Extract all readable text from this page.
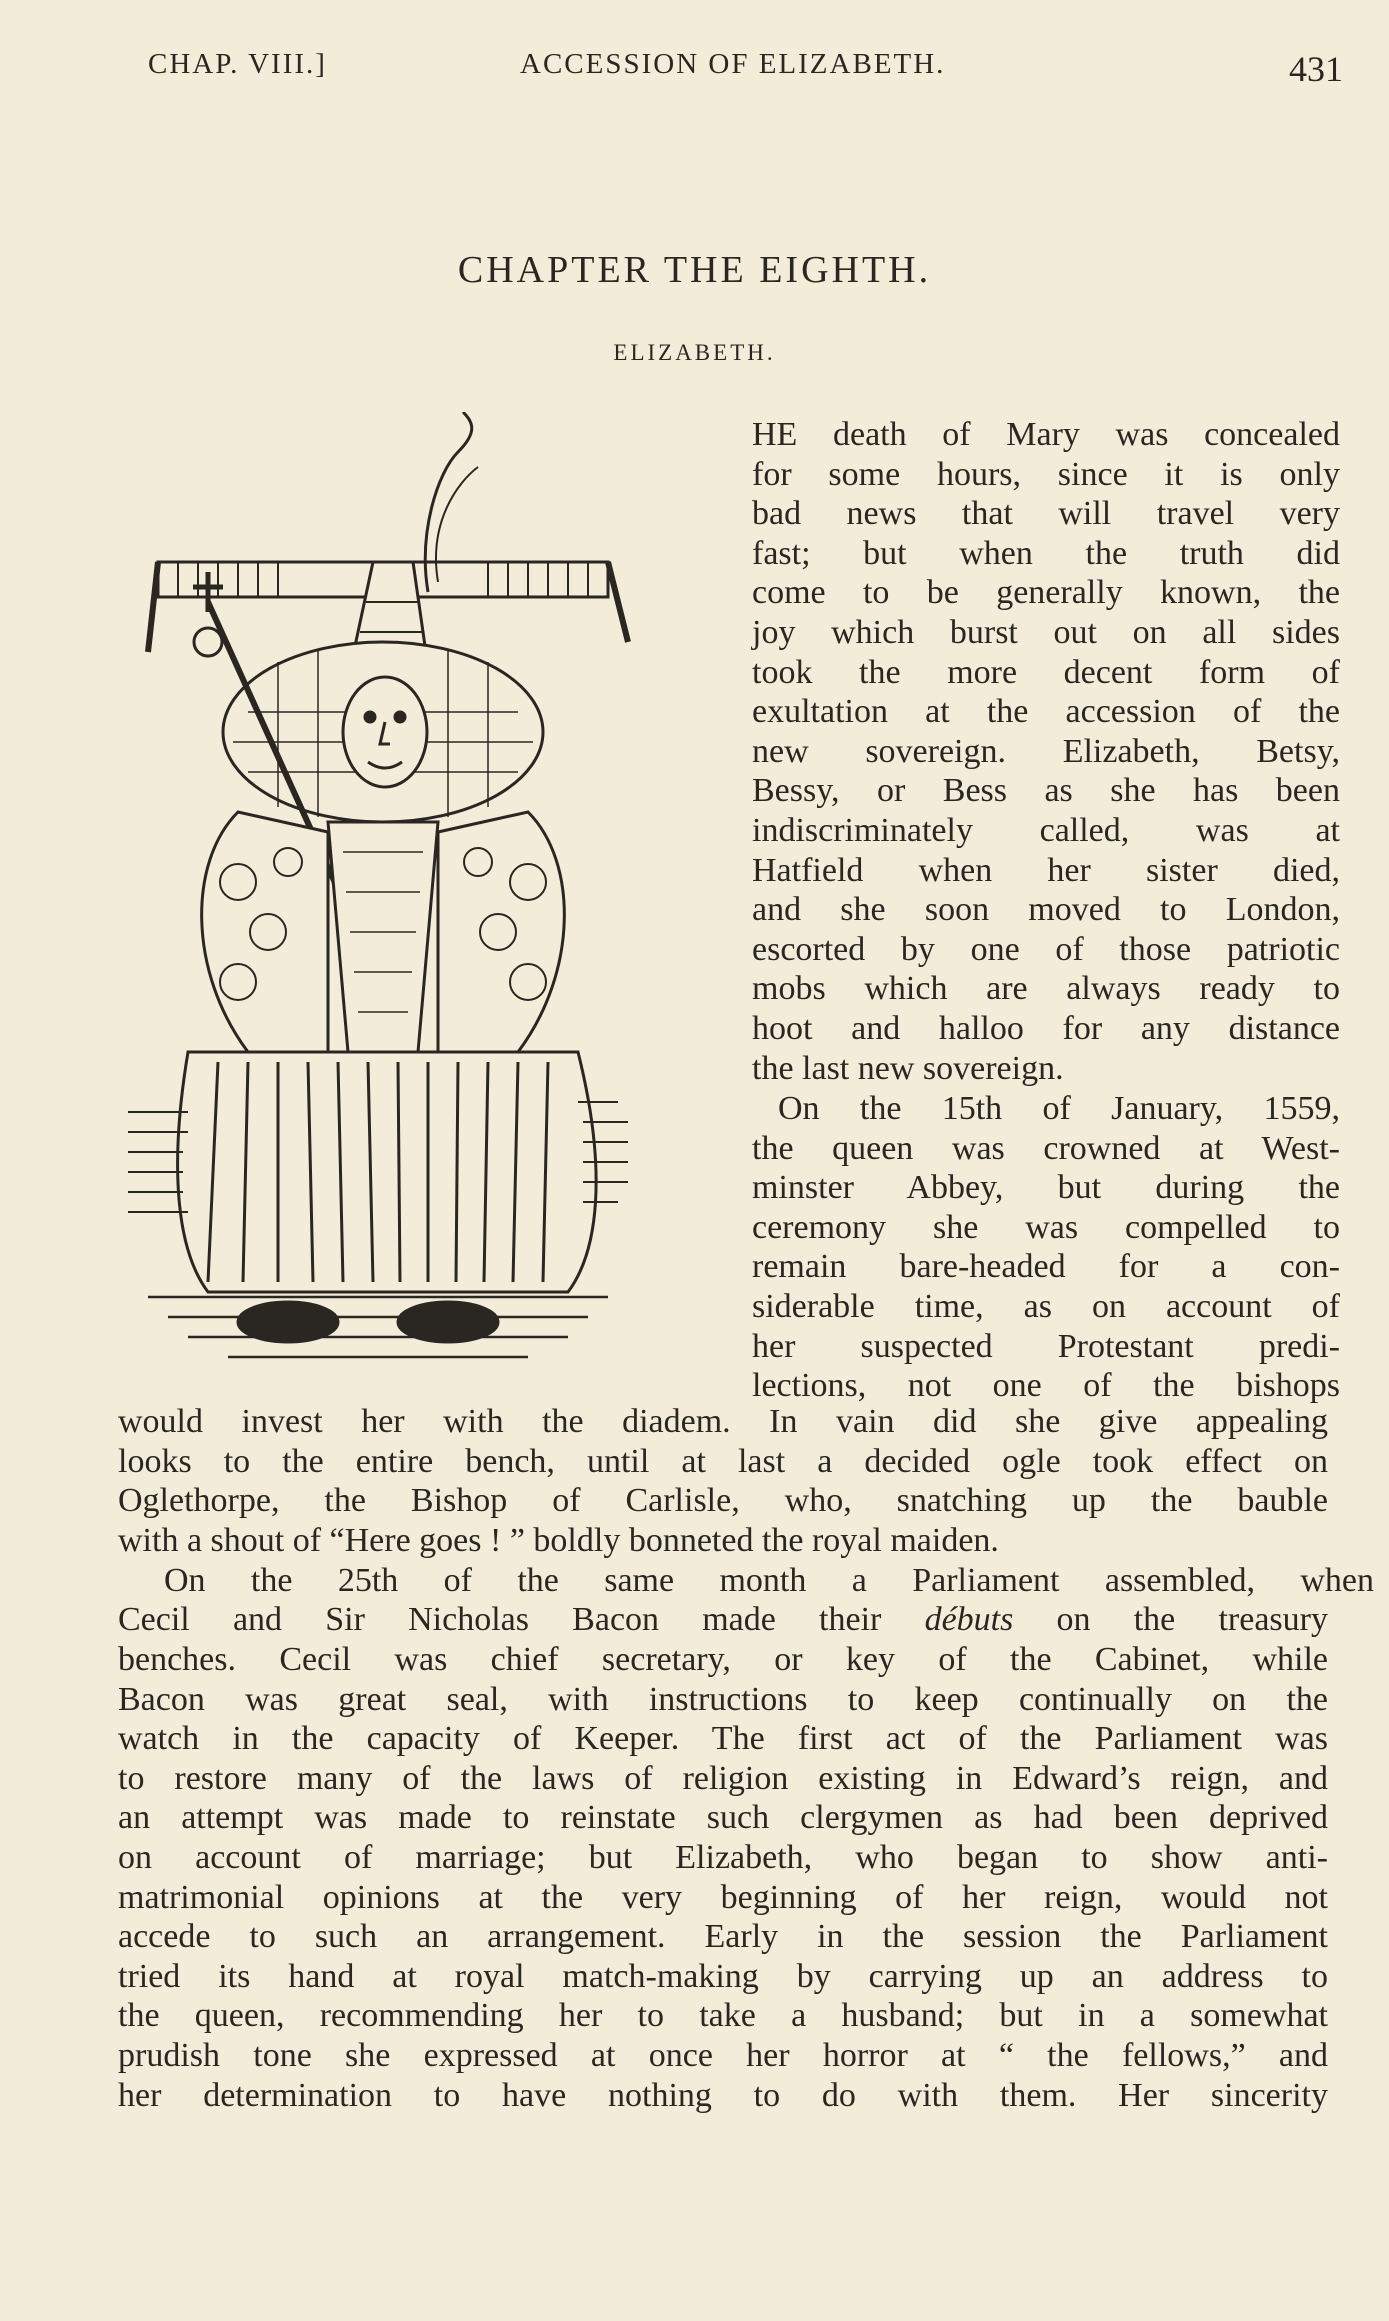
CHAP. VIII.]	ACCESSION OF ELIZABETH.	431
CHAPTER THE EIGHTH.
ELIZABETH.
HE death of Mary was concealed
for some hours, since it is only
bad news that will travel very
fast; but when the truth did
come to be generally known, the
joy which burst out on all sides
took the more decent form of
exultation at the accession of the
new sovereign. Elizabeth, Betsy,
Bessy, or Bess as she has been
indiscriminately called, was at
Hatfield when her sister died,
and she soon moved to London,
escorted by one of those patriotic
mobs which are always ready to
hoot and halloo for any distance
the last new sovereign.
On the 15th of January, 1559,
the queen was crowned at West-
minster Abbey, but during the
ceremony she was compelled to
remain bare-headed for a con-
siderable time, as on account of
her suspected Protestant predi-
lections, not one of the bishops
On the 25th of the same month a Parliament assembled, when
Cecil and Sir Nicholas Bacon made their débuts on the treasury
would invest her with the diadem. In vain did she give appealing
looks to the entire bench, until at last a decided ogle took effect on
Oglethorpe, the Bishop of Carlisle, who, snatching up the bauble
with a shout of “Here goes ! ” boldly bonneted the royal maiden.
benches. Cecil was chief secretary, or key of the Cabinet, while
Bacon was great seal, with instructions to keep continually on the
watch in the capacity of Keeper. The first act of the Parliament was
to restore many of the laws of religion existing in Edward’s reign, and
an attempt was made to reinstate such clergymen as had been deprived
on account of marriage; but Elizabeth, who began to show anti-
matrimonial opinions at the very beginning of her reign, would not
accede to such an arrangement. Early in the session the Parliament
tried its hand at royal match-making by carrying up an address to
the queen, recommending her to take a husband; but in a somewhat
prudish tone she expressed at once her horror at “ the fellows,” and
her determination to have nothing to do with them. Her sincerity
